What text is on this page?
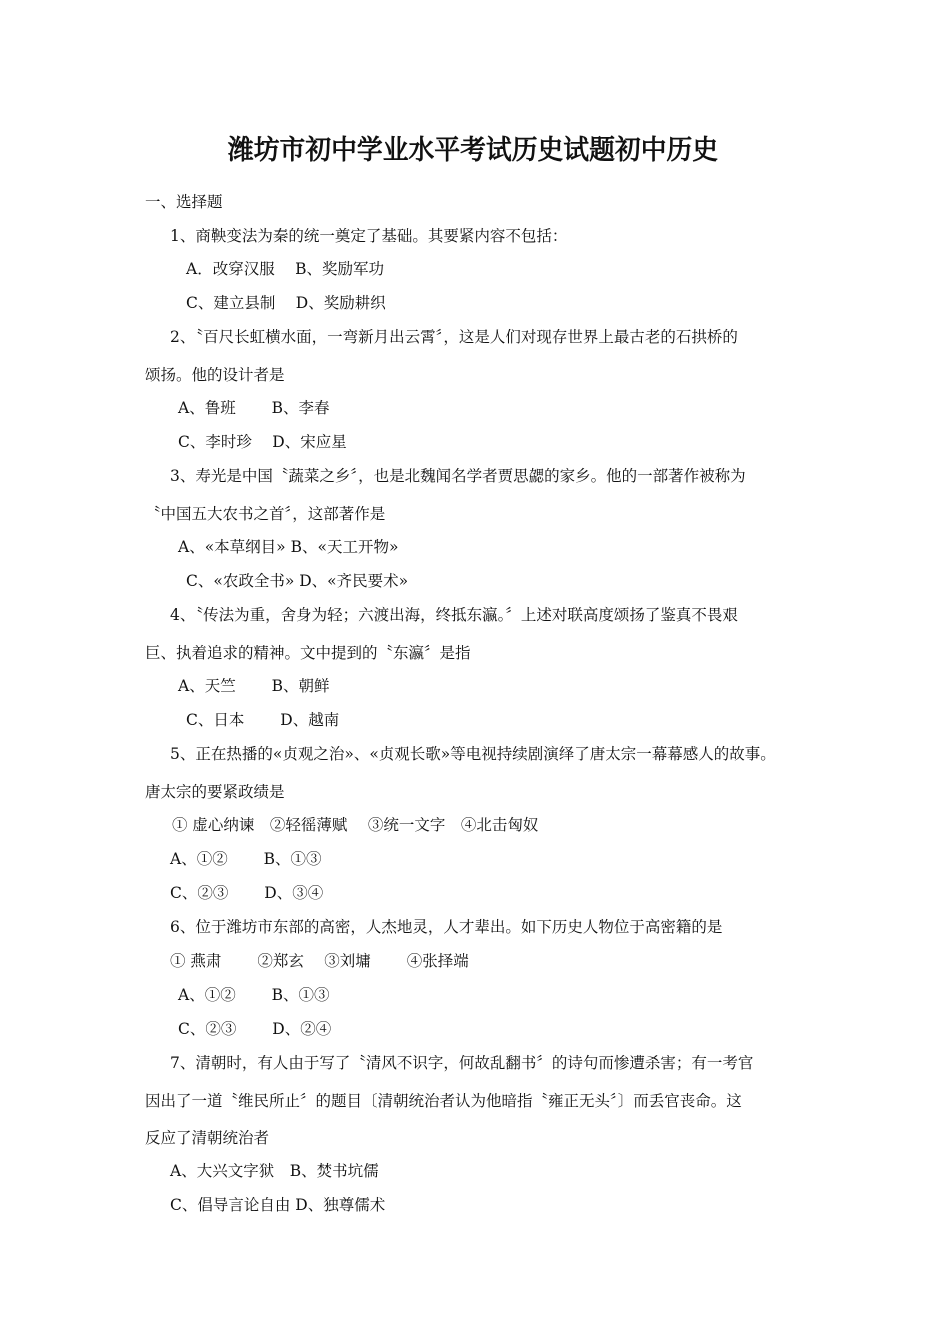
潍坊市初中学业水平考试历史试题初中历史
一、选择题
1、商鞅变法为秦的统一奠定了基础。其要紧内容不包括：
A．改穿汉服　 B、奖励军功
C、建立县制　 D、奖励耕织
2、〝百尺长虹横水面，一弯新月出云霄〞，这是人们对现存世界上最古老的石拱桥的
颂扬。他的设计者是
A、鲁班　　 B、李春
C、李时珍　 D、宋应星
3、寿光是中国〝蔬菜之乡〞，也是北魏闻名学者贾思勰的家乡。他的一部著作被称为
〝中国五大农书之首〞，这部著作是
A、«本草纲目» B、«天工开物»
C、«农政全书» D、«齐民要术»
4、〝传法为重，舍身为轻；六渡出海，终抵东瀛。〞上述对联高度颂扬了鉴真不畏艰
巨、执着追求的精神。文中提到的〝东瀛〞是指
A、天竺　　 B、朝鲜
C、日本　　 D、越南
5、正在热播的«贞观之治»、«贞观长歌»等电视持续剧演绎了唐太宗一幕幕感人的故事。
唐太宗的要紧政绩是
① 虚心纳谏　②轻徭薄赋　 ③统一文字　④北击匈奴
A、①②　　 B、①③
C、②③　　 D、③④
6、位于潍坊市东部的高密，人杰地灵，人才辈出。如下历史人物位于高密籍的是
① 燕肃　　 ②郑玄　 ③刘墉　　 ④张择端
A、①②　　 B、①③
C、②③　　 D、②④
7、清朝时，有人由于写了〝清风不识字，何故乱翻书〞的诗句而惨遭杀害；有一考官
因出了一道〝维民所止〞的题目〔清朝统治者认为他暗指〝雍正无头〞〕而丢官丧命。这
反应了清朝统治者
A、大兴文字狱　B、焚书坑儒
C、倡导言论自由 D、独尊儒术
